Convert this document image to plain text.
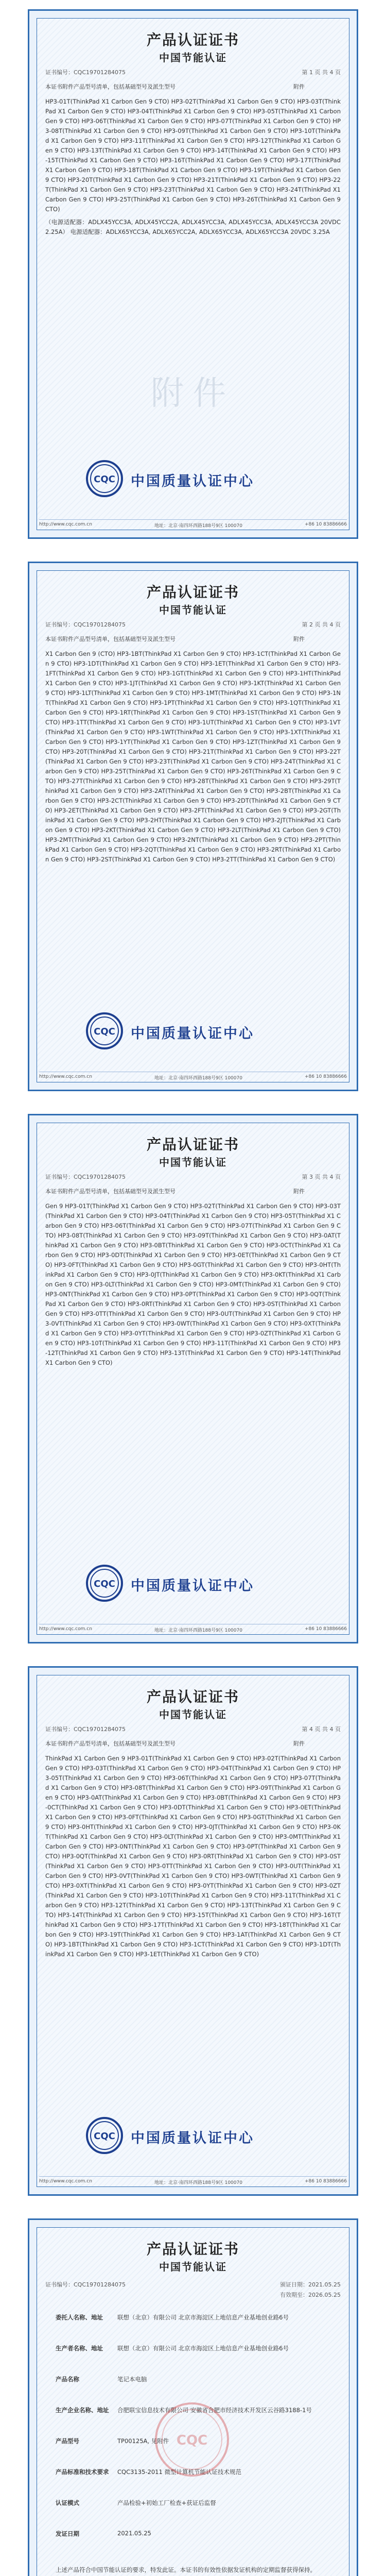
产品认证证书
中国节能认证
证书编号：CQC19701284075	第 1 页 共 4 页
本证书附件产品型号清单，包括基础型号及派生型号	附件
HP3-01T(ThinkPad X1 Carbon Gen 9 CTO) HP3-02T(ThinkPad X1 Carbon Gen 9 CTO) HP3-03T(ThinkPad X1 Carbon Gen 9 CTO) HP3-04T(ThinkPad X1 Carbon Gen 9 CTO) HP3-05T(ThinkPad X1 Carbon Gen 9 CTO) HP3-06T(ThinkPad X1 Carbon Gen 9 CTO) HP3-07T(ThinkPad X1 Carbon Gen 9 CTO) HP3-08T(ThinkPad X1 Carbon Gen 9 CTO) HP3-09T(ThinkPad X1 Carbon Gen 9 CTO) HP3-10T(ThinkPad X1 Carbon Gen 9 CTO) HP3-11T(ThinkPad X1 Carbon Gen 9 CTO) HP3-12T(ThinkPad X1 Carbon Gen 9 CTO) HP3-13T(ThinkPad X1 Carbon Gen 9 CTO) HP3-14T(ThinkPad X1 Carbon Gen 9 CTO) HP3-15T(ThinkPad X1 Carbon Gen 9 CTO) HP3-16T(ThinkPad X1 Carbon Gen 9 CTO) HP3-17T(ThinkPad X1 Carbon Gen 9 CTO) HP3-18T(ThinkPad X1 Carbon Gen 9 CTO) HP3-19T(ThinkPad X1 Carbon Gen 9 CTO) HP3-20T(ThinkPad X1 Carbon Gen 9 CTO) HP3-21T(ThinkPad X1 Carbon Gen 9 CTO) HP3-22T(ThinkPad X1 Carbon Gen 9 CTO) HP3-23T(ThinkPad X1 Carbon Gen 9 CTO) HP3-24T(ThinkPad X1 Carbon Gen 9 CTO) HP3-25T(ThinkPad X1 Carbon Gen 9 CTO) HP3-26T(ThinkPad X1 Carbon Gen 9 CTO)
（电源适配器：ADLX45YCC3A, ADLX45YCC2A, ADLX45YCC3A, ADLX45YCC3A, ADLX45YCC3A 20VDC 2.25A） 电源适配器：ADLX65YCC3A, ADLX65YCC2A, ADLX65YCC3A, ADLX65YCC3A 20VDC 3.25A
附件
CQC 中国质量认证中心
http://www.cqc.com.cn	地址：北京·南四环西路188号9区 100070	+86 10 83886666
产品认证证书
中国节能认证
证书编号：CQC19701284075	第 2 页 共 4 页
本证书附件产品型号清单，包括基础型号及派生型号	附件
X1 Carbon Gen 9 (CTO) HP3-1BT(ThinkPad X1 Carbon Gen 9 CTO) HP3-1CT(ThinkPad X1 Carbon Gen 9 CTO) HP3-1DT(ThinkPad X1 Carbon Gen 9 CTO) HP3-1ET(ThinkPad X1 Carbon Gen 9 CTO) HP3-1FT(ThinkPad X1 Carbon Gen 9 CTO) HP3-1GT(ThinkPad X1 Carbon Gen 9 CTO) HP3-1HT(ThinkPad X1 Carbon Gen 9 CTO) HP3-1JT(ThinkPad X1 Carbon Gen 9 CTO) HP3-1KT(ThinkPad X1 Carbon Gen 9 CTO) HP3-1LT(ThinkPad X1 Carbon Gen 9 CTO) HP3-1MT(ThinkPad X1 Carbon Gen 9 CTO) HP3-1NT(ThinkPad X1 Carbon Gen 9 CTO) HP3-1PT(ThinkPad X1 Carbon Gen 9 CTO) HP3-1QT(ThinkPad X1 Carbon Gen 9 CTO) HP3-1RT(ThinkPad X1 Carbon Gen 9 CTO) HP3-1ST(ThinkPad X1 Carbon Gen 9 CTO) HP3-1TT(ThinkPad X1 Carbon Gen 9 CTO) HP3-1UT(ThinkPad X1 Carbon Gen 9 CTO) HP3-1VT(ThinkPad X1 Carbon Gen 9 CTO) HP3-1WT(ThinkPad X1 Carbon Gen 9 CTO) HP3-1XT(ThinkPad X1 Carbon Gen 9 CTO) HP3-1YT(ThinkPad X1 Carbon Gen 9 CTO) HP3-1ZT(ThinkPad X1 Carbon Gen 9 CTO) HP3-20T(ThinkPad X1 Carbon Gen 9 CTO) HP3-21T(ThinkPad X1 Carbon Gen 9 CTO) HP3-22T(ThinkPad X1 Carbon Gen 9 CTO) HP3-23T(ThinkPad X1 Carbon Gen 9 CTO) HP3-24T(ThinkPad X1 Carbon Gen 9 CTO) HP3-25T(ThinkPad X1 Carbon Gen 9 CTO) HP3-26T(ThinkPad X1 Carbon Gen 9 CTO) HP3-27T(ThinkPad X1 Carbon Gen 9 CTO) HP3-28T(ThinkPad X1 Carbon Gen 9 CTO) HP3-29T(ThinkPad X1 Carbon Gen 9 CTO) HP3-2AT(ThinkPad X1 Carbon Gen 9 CTO) HP3-2BT(ThinkPad X1 Carbon Gen 9 CTO) HP3-2CT(ThinkPad X1 Carbon Gen 9 CTO) HP3-2DT(ThinkPad X1 Carbon Gen 9 CTO) HP3-2ET(ThinkPad X1 Carbon Gen 9 CTO) HP3-2FT(ThinkPad X1 Carbon Gen 9 CTO) HP3-2GT(ThinkPad X1 Carbon Gen 9 CTO) HP3-2HT(ThinkPad X1 Carbon Gen 9 CTO) HP3-2JT(ThinkPad X1 Carbon Gen 9 CTO) HP3-2KT(ThinkPad X1 Carbon Gen 9 CTO) HP3-2LT(ThinkPad X1 Carbon Gen 9 CTO) HP3-2MT(ThinkPad X1 Carbon Gen 9 CTO) HP3-2NT(ThinkPad X1 Carbon Gen 9 CTO) HP3-2PT(ThinkPad X1 Carbon Gen 9 CTO) HP3-2QT(ThinkPad X1 Carbon Gen 9 CTO) HP3-2RT(ThinkPad X1 Carbon Gen 9 CTO) HP3-2ST(ThinkPad X1 Carbon Gen 9 CTO) HP3-2TT(ThinkPad X1 Carbon Gen 9 CTO)
CQC 中国质量认证中心
http://www.cqc.com.cn	地址：北京·南四环西路188号9区 100070	+86 10 83886666
产品认证证书
中国节能认证
证书编号：CQC19701284075	第 3 页 共 4 页
本证书附件产品型号清单，包括基础型号及派生型号	附件
Gen 9 HP3-01T(ThinkPad X1 Carbon Gen 9 CTO) HP3-02T(ThinkPad X1 Carbon Gen 9 CTO) HP3-03T(ThinkPad X1 Carbon Gen 9 CTO) HP3-04T(ThinkPad X1 Carbon Gen 9 CTO) HP3-05T(ThinkPad X1 Carbon Gen 9 CTO) HP3-06T(ThinkPad X1 Carbon Gen 9 CTO) HP3-07T(ThinkPad X1 Carbon Gen 9 CTO) HP3-08T(ThinkPad X1 Carbon Gen 9 CTO) HP3-09T(ThinkPad X1 Carbon Gen 9 CTO) HP3-0AT(ThinkPad X1 Carbon Gen 9 CTO) HP3-0BT(ThinkPad X1 Carbon Gen 9 CTO) HP3-0CT(ThinkPad X1 Carbon Gen 9 CTO) HP3-0DT(ThinkPad X1 Carbon Gen 9 CTO) HP3-0ET(ThinkPad X1 Carbon Gen 9 CTO) HP3-0FT(ThinkPad X1 Carbon Gen 9 CTO) HP3-0GT(ThinkPad X1 Carbon Gen 9 CTO) HP3-0HT(ThinkPad X1 Carbon Gen 9 CTO) HP3-0JT(ThinkPad X1 Carbon Gen 9 CTO) HP3-0KT(ThinkPad X1 Carbon Gen 9 CTO) HP3-0LT(ThinkPad X1 Carbon Gen 9 CTO) HP3-0MT(ThinkPad X1 Carbon Gen 9 CTO) HP3-0NT(ThinkPad X1 Carbon Gen 9 CTO) HP3-0PT(ThinkPad X1 Carbon Gen 9 CTO) HP3-0QT(ThinkPad X1 Carbon Gen 9 CTO) HP3-0RT(ThinkPad X1 Carbon Gen 9 CTO) HP3-0ST(ThinkPad X1 Carbon Gen 9 CTO) HP3-0TT(ThinkPad X1 Carbon Gen 9 CTO) HP3-0UT(ThinkPad X1 Carbon Gen 9 CTO) HP3-0VT(ThinkPad X1 Carbon Gen 9 CTO) HP3-0WT(ThinkPad X1 Carbon Gen 9 CTO) HP3-0XT(ThinkPad X1 Carbon Gen 9 CTO) HP3-0YT(ThinkPad X1 Carbon Gen 9 CTO) HP3-0ZT(ThinkPad X1 Carbon Gen 9 CTO) HP3-10T(ThinkPad X1 Carbon Gen 9 CTO) HP3-11T(ThinkPad X1 Carbon Gen 9 CTO) HP3-12T(ThinkPad X1 Carbon Gen 9 CTO) HP3-13T(ThinkPad X1 Carbon Gen 9 CTO) HP3-14T(ThinkPad X1 Carbon Gen 9 CTO)
CQC 中国质量认证中心
http://www.cqc.com.cn	地址：北京·南四环西路188号9区 100070	+86 10 83886666
产品认证证书
中国节能认证
证书编号：CQC19701284075	第 4 页 共 4 页
本证书附件产品型号清单，包括基础型号及派生型号	附件
ThinkPad X1 Carbon Gen 9 HP3-01T(ThinkPad X1 Carbon Gen 9 CTO) HP3-02T(ThinkPad X1 Carbon Gen 9 CTO) HP3-03T(ThinkPad X1 Carbon Gen 9 CTO) HP3-04T(ThinkPad X1 Carbon Gen 9 CTO) HP3-05T(ThinkPad X1 Carbon Gen 9 CTO) HP3-06T(ThinkPad X1 Carbon Gen 9 CTO) HP3-07T(ThinkPad X1 Carbon Gen 9 CTO) HP3-08T(ThinkPad X1 Carbon Gen 9 CTO) HP3-09T(ThinkPad X1 Carbon Gen 9 CTO) HP3-0AT(ThinkPad X1 Carbon Gen 9 CTO) HP3-0BT(ThinkPad X1 Carbon Gen 9 CTO) HP3-0CT(ThinkPad X1 Carbon Gen 9 CTO) HP3-0DT(ThinkPad X1 Carbon Gen 9 CTO) HP3-0ET(ThinkPad X1 Carbon Gen 9 CTO) HP3-0FT(ThinkPad X1 Carbon Gen 9 CTO) HP3-0GT(ThinkPad X1 Carbon Gen 9 CTO) HP3-0HT(ThinkPad X1 Carbon Gen 9 CTO) HP3-0JT(ThinkPad X1 Carbon Gen 9 CTO) HP3-0KT(ThinkPad X1 Carbon Gen 9 CTO) HP3-0LT(ThinkPad X1 Carbon Gen 9 CTO) HP3-0MT(ThinkPad X1 Carbon Gen 9 CTO) HP3-0NT(ThinkPad X1 Carbon Gen 9 CTO) HP3-0PT(ThinkPad X1 Carbon Gen 9 CTO) HP3-0QT(ThinkPad X1 Carbon Gen 9 CTO) HP3-0RT(ThinkPad X1 Carbon Gen 9 CTO) HP3-0ST(ThinkPad X1 Carbon Gen 9 CTO) HP3-0TT(ThinkPad X1 Carbon Gen 9 CTO) HP3-0UT(ThinkPad X1 Carbon Gen 9 CTO) HP3-0VT(ThinkPad X1 Carbon Gen 9 CTO) HP3-0WT(ThinkPad X1 Carbon Gen 9 CTO) HP3-0XT(ThinkPad X1 Carbon Gen 9 CTO) HP3-0YT(ThinkPad X1 Carbon Gen 9 CTO) HP3-0ZT(ThinkPad X1 Carbon Gen 9 CTO) HP3-10T(ThinkPad X1 Carbon Gen 9 CTO) HP3-11T(ThinkPad X1 Carbon Gen 9 CTO) HP3-12T(ThinkPad X1 Carbon Gen 9 CTO) HP3-13T(ThinkPad X1 Carbon Gen 9 CTO) HP3-14T(ThinkPad X1 Carbon Gen 9 CTO) HP3-15T(ThinkPad X1 Carbon Gen 9 CTO) HP3-16T(ThinkPad X1 Carbon Gen 9 CTO) HP3-17T(ThinkPad X1 Carbon Gen 9 CTO) HP3-18T(ThinkPad X1 Carbon Gen 9 CTO) HP3-19T(ThinkPad X1 Carbon Gen 9 CTO) HP3-1AT(ThinkPad X1 Carbon Gen 9 CTO) HP3-1BT(ThinkPad X1 Carbon Gen 9 CTO) HP3-1CT(ThinkPad X1 Carbon Gen 9 CTO) HP3-1DT(ThinkPad X1 Carbon Gen 9 CTO) HP3-1ET(ThinkPad X1 Carbon Gen 9 CTO)
CQC 中国质量认证中心
http://www.cqc.com.cn	地址：北京·南四环西路188号9区 100070	+86 10 83886666
产品认证证书
中国节能认证
证书编号：CQC19701284075	颁证日期：2021.05.25
有效期至：2026.05.25
委托人名称、地址	联想（北京）有限公司 北京市海淀区上地信息产业基地创业路6号
生产者名称、地址	联想（北京）有限公司 北京市海淀区上地信息产业基地创业路6号
产品名称	笔记本电脑
生产企业名称、地址	合肥联宝信息技术有限公司 安徽省合肥市经济技术开发区云谷路3188-1号
产品型号	TP00125A, 见附件
产品标准和技术要求	CQC3135-2011 微型计算机节能认证技术规范
认证模式	产品检验+初始工厂检查+获证后监督
发证日期	2021.05.25
上述产品符合中国节能认证的要求，特发此证。本证书的有效性依据发证机构的定期监督获得保持。
CQC
